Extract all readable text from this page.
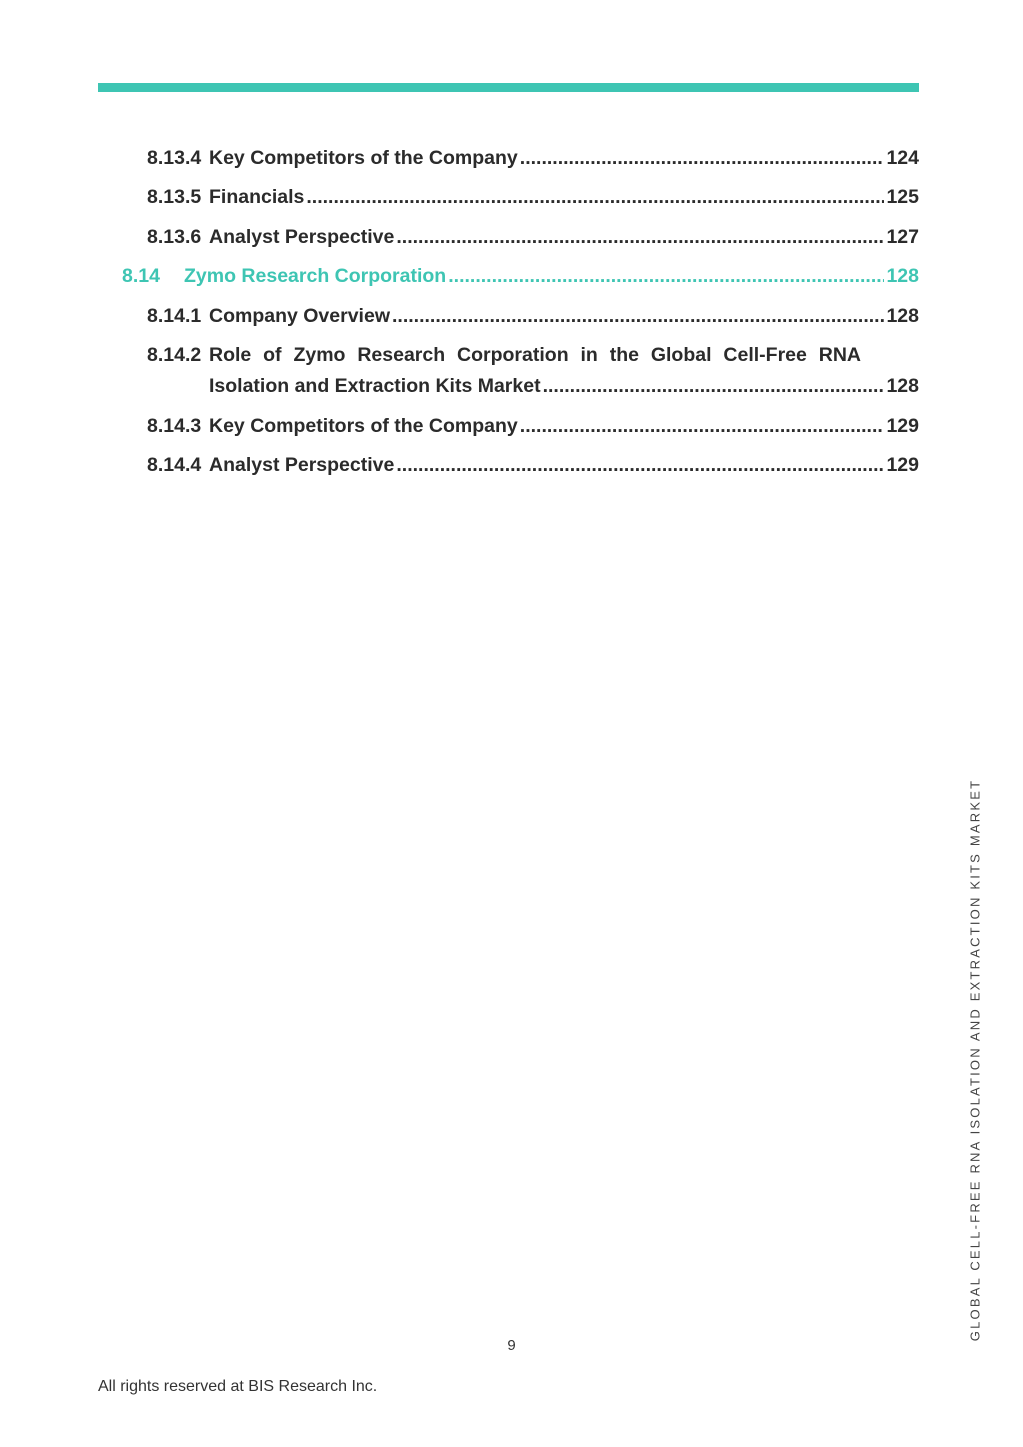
8.13.4 Key Competitors of the Company .....	124
8.13.5 Financials .....	125
8.13.6 Analyst Perspective .....	127
8.14	Zymo Research Corporation .....	128
8.14.1 Company Overview .....	128
8.14.2 Role of Zymo Research Corporation in the Global Cell-Free RNA
Isolation and Extraction Kits Market .....	128
8.14.3 Key Competitors of the Company .....	129
8.14.4 Analyst Perspective .....	129
GLOBAL CELL-FREE RNA ISOLATION AND EXTRACTION KITS MARKET
9
All rights reserved at BIS Research Inc.
